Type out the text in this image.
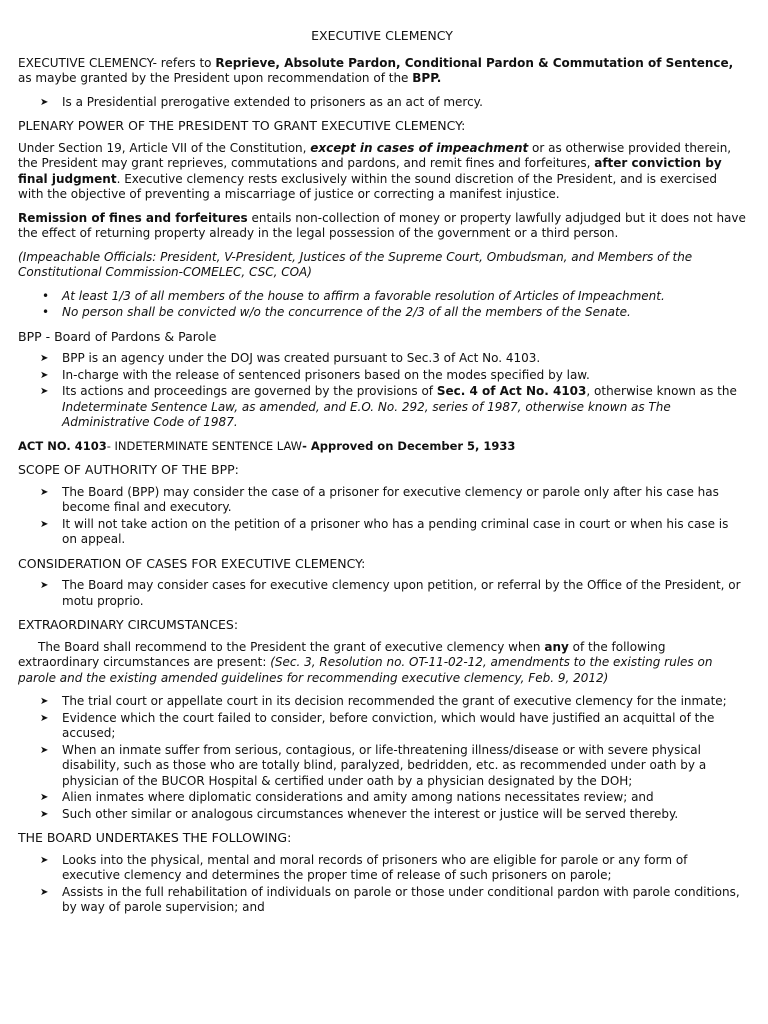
EXECUTIVE CLEMENCY

EXECUTIVE CLEMENCY- refers to Reprieve, Absolute Pardon, Conditional Pardon & Commutation of Sentence, as maybe granted by the President upon recommendation of the BPP.

➤ Is a Presidential prerogative extended to prisoners as an act of mercy.
PLENARY POWER OF THE PRESIDENT TO GRANT EXECUTIVE CLEMENCY:

Under Section 19, Article VII of the Constitution, except in cases of impeachment or as otherwise provided therein, the President may grant reprieves, commutations and pardons, and remit fines and forfeitures, after conviction by final judgment. Executive clemency rests exclusively within the sound discretion of the President, and is exercised with the objective of preventing a miscarriage of justice or correcting a manifest injustice.

Remission of fines and forfeitures entails non-collection of money or property lawfully adjudged but it does not have the effect of returning property already in the legal possession of the government or a third person.

(Impeachable Officials: President, V-President, Justices of the Supreme Court, Ombudsman, and Members of the Constitutional Commission-COMELEC, CSC, COA)

• At least 1/3 of all members of the house to affirm a favorable resolution of Articles of Impeachment.
• No person shall be convicted w/o the concurrence of the 2/3 of all the members of the Senate.
BPP - Board of Pardons & Parole
➤ BPP is an agency under the DOJ was created pursuant to Sec.3 of Act No. 4103.
➤ In-charge with the release of sentenced prisoners based on the modes specified by law.
➤ Its actions and proceedings are governed by the provisions of Sec. 4 of Act No. 4103, otherwise known as the Indeterminate Sentence Law, as amended, and E.O. No. 292, series of 1987, otherwise known as The Administrative Code of 1987.

ACT NO. 4103- INDETERMINATE SENTENCE LAW- Approved on December 5, 1933

SCOPE OF AUTHORITY OF THE BPP:
➤ The Board (BPP) may consider the case of a prisoner for executive clemency or parole only after his case has become final and executory.
➤ It will not take action on the petition of a prisoner who has a pending criminal case in court or when his case is on appeal.
CONSIDERATION OF CASES FOR EXECUTIVE CLEMENCY:
➤ The Board may consider cases for executive clemency upon petition, or referral by the Office of the President, or motu proprio.
EXTRAORDINARY CIRCUMSTANCES:

The Board shall recommend to the President the grant of executive clemency when any of the following extraordinary circumstances are present: (Sec. 3, Resolution no. OT-11-02-12, amendments to the existing rules on parole and the existing amended guidelines for recommending executive clemency, Feb. 9, 2012)

➤ The trial court or appellate court in its decision recommended the grant of executive clemency for the inmate;
➤ Evidence which the court failed to consider, before conviction, which would have justified an acquittal of the accused;
➤ When an inmate suffer from serious, contagious, or life-threatening illness/disease or with severe physical disability, such as those who are totally blind, paralyzed, bedridden, etc. as recommended under oath by a physician of the BUCOR Hospital & certified under oath by a physician designated by the DOH;
➤ Alien inmates where diplomatic considerations and amity among nations necessitates review; and
➤ Such other similar or analogous circumstances whenever the interest or justice will be served thereby.
THE BOARD UNDERTAKES THE FOLLOWING:
➤ Looks into the physical, mental and moral records of prisoners who are eligible for parole or any form of executive clemency and determines the proper time of release of such prisoners on parole;
➤ Assists in the full rehabilitation of individuals on parole or those under conditional pardon with parole conditions, by way of parole supervision; and
